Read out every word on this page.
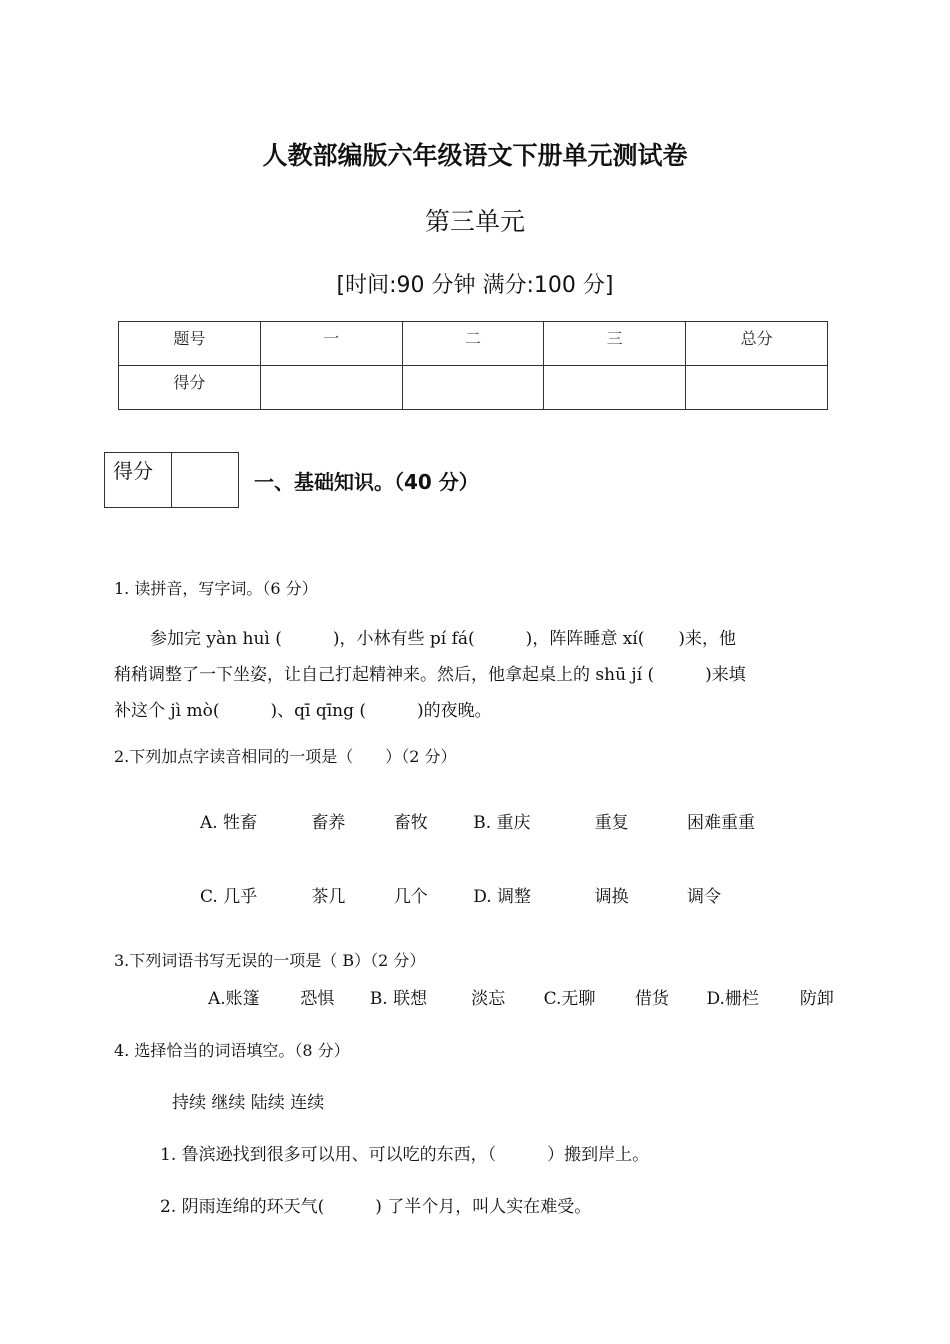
人教部编版六年级语文下册单元测试卷
第三单元
[时间:90 分钟 满分:100 分]
题号	一	二	三	总分
得分				
得分		一、基础知识。（40 分）
1. 读拼音，写字词。（6 分）
参加完 yàn huì (　　　)，小林有些 pí fá(　　　)，阵阵睡意 xí(　　)来，他
稍稍调整了一下坐姿，让自己打起精神来。然后，他拿起桌上的 shū jí (　　　)来填
补这个 jì mò(　　　)、qī qīng (　　　)的夜晚。
2.下列加点字读音相同的一项是（　　）（2 分）
A. 牲畜	畜养	畜牧	B. 重庆	重复	困难重重
C. 几乎	茶几	几个	D. 调整	调换	调令
3.下列词语书写无误的一项是（ B）（2 分）
A.账篷 恐惧 B. 联想	淡忘 C.无聊 借货 D.栅栏 防卸
4. 选择恰当的词语填空。（8 分）
持续 继续 陆续 连续
1. 鲁滨逊找到很多可以用、可以吃的东西，（　　　）搬到岸上。
2. 阴雨连绵的环天气(　　　) 了半个月，叫人实在难受。
